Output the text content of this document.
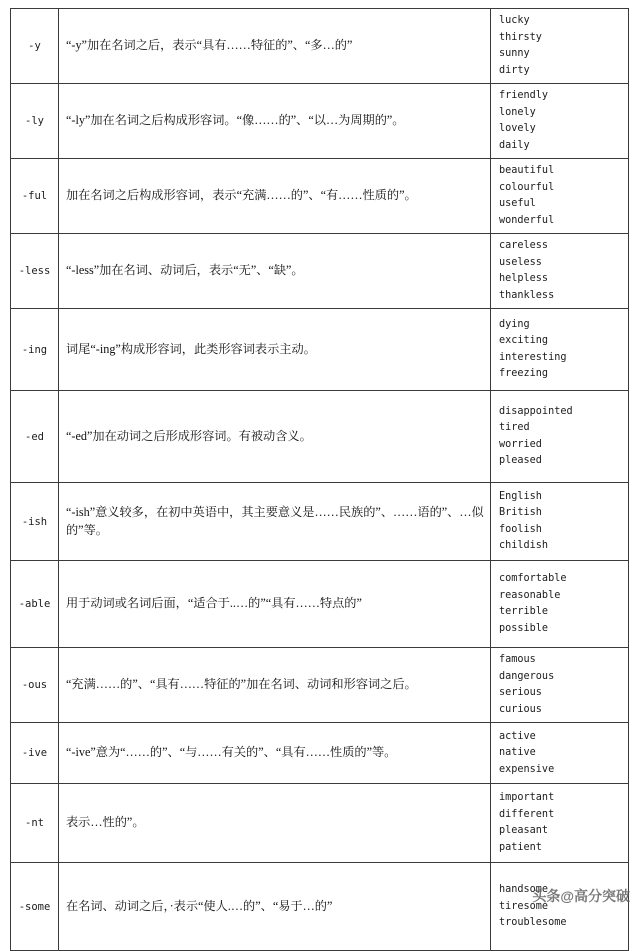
-y	“-y”加在名词之后，表示“具有……特征的”、“多…的”	
lucky
thirsty
sunny
dirty

-ly	“-ly”加在名词之后构成形容词。“像……的”、“以…为周期的”。	
friendly
lonely
lovely
daily

-ful	加在名词之后构成形容词，表示“充满……的”、“有……性质的”。	
beautiful
colourful
useful
wonderful

-less	“-less”加在名词、动词后，表示“无”、“缺”。	
careless
useless
helpless
thankless

-ing	词尾“-ing”构成形容词，此类形容词表示主动。	
dying
exciting
interesting
freezing

-ed	“-ed”加在动词之后形成形容词。有被动含义。	
disappointed
tired
worried
pleased

-ish	“-ish”意义较多，在初中英语中，其主要意义是……民族的”、……语的”、…似的”等。	
English
British
foolish
childish

-able	用于动词或名词后面，“适合于..…的”“具有……特点的”	
comfortable
reasonable
terrible
possible

-ous	“充满……的”、“具有……特征的”加在名词、动词和形容词之后。	
famous
dangerous
serious
curious

-ive	“-ive”意为“……的”、“与……有关的”、“具有……性质的”等。	
active
native
expensive

-nt	表示…性的”。	
important
different
pleasant
patient

-some	在名词、动词之后，·表示“使人.…的”、“易于…的”	
handsome
tiresome
troublesome
头条@高分突破
